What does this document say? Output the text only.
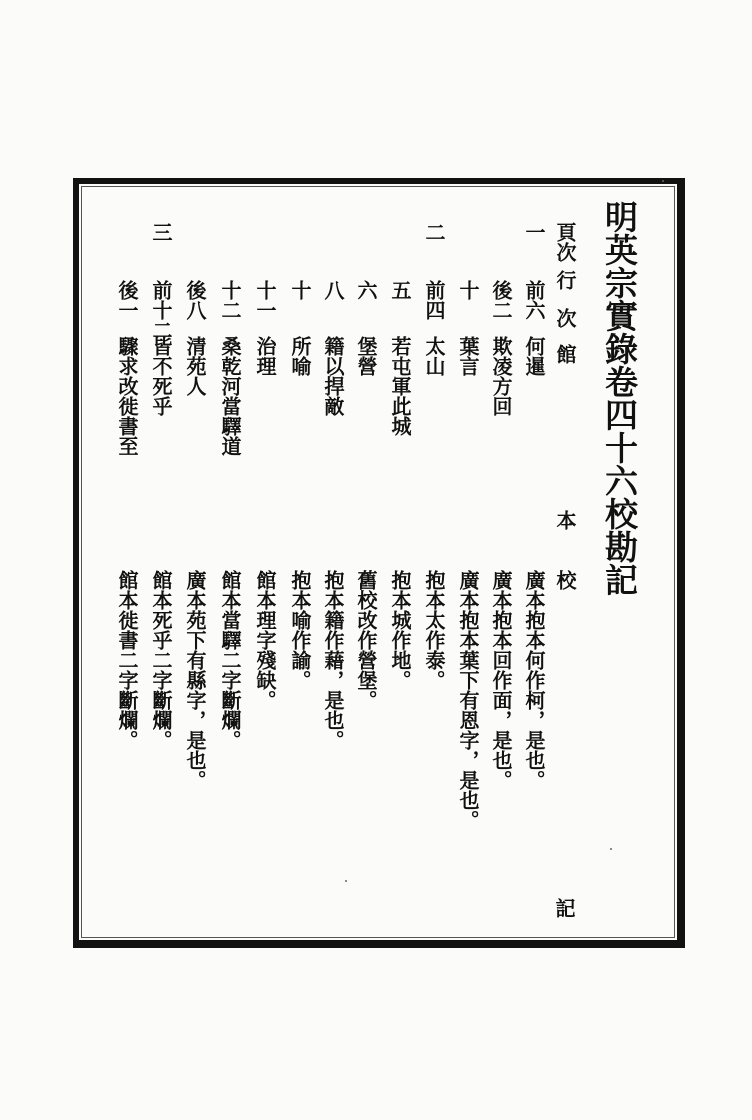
明英宗實錄卷四十六校勘記
頁次
行
次
館
本
校
記
一
前六
何暹
廣本抱本何作柯，是也。
後二
欺凌方回
廣本抱本回作面，是也。
十
葉言
廣本抱本葉下有恩字，是也。
二
前四
太山
抱本太作泰。
五
若屯軍此城
抱本城作地。
六
堡營
舊校改作營堡。
八
籍以捍敵
抱本籍作藉，是也。
十
所喻
抱本喻作諭。
十一
治理
館本理字殘缺。
十二
桑乾河當驛道
館本當驛二字斷爛。
後八
清苑人
廣本苑下有縣字，是也。
三
前十二
皆不死乎
館本死乎二字斷爛。
後一
驟求改徙書至
館本徙書二字斷爛。
